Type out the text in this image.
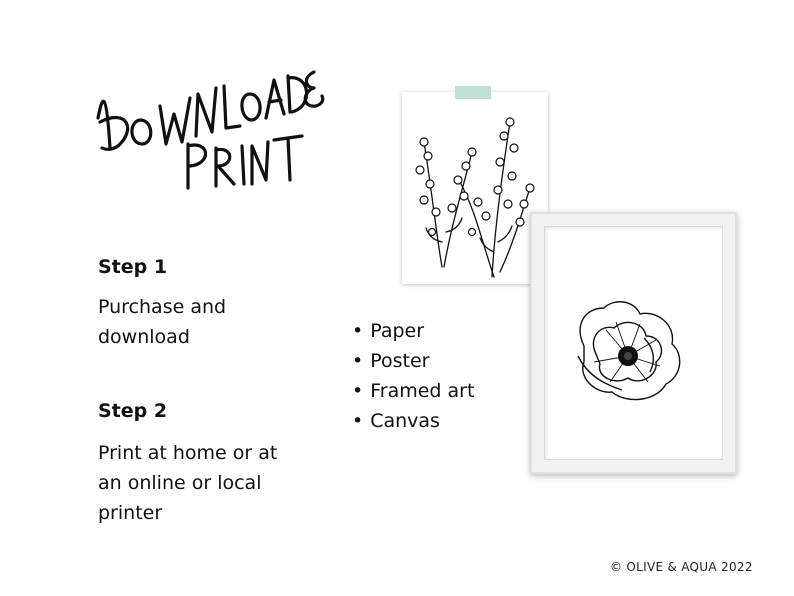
Step 1
Purchase and
download
Step 2
Print at home or at
an online or local
printer
• Paper
• Poster
• Framed art
• Canvas
© OLIVE & AQUA 2022
